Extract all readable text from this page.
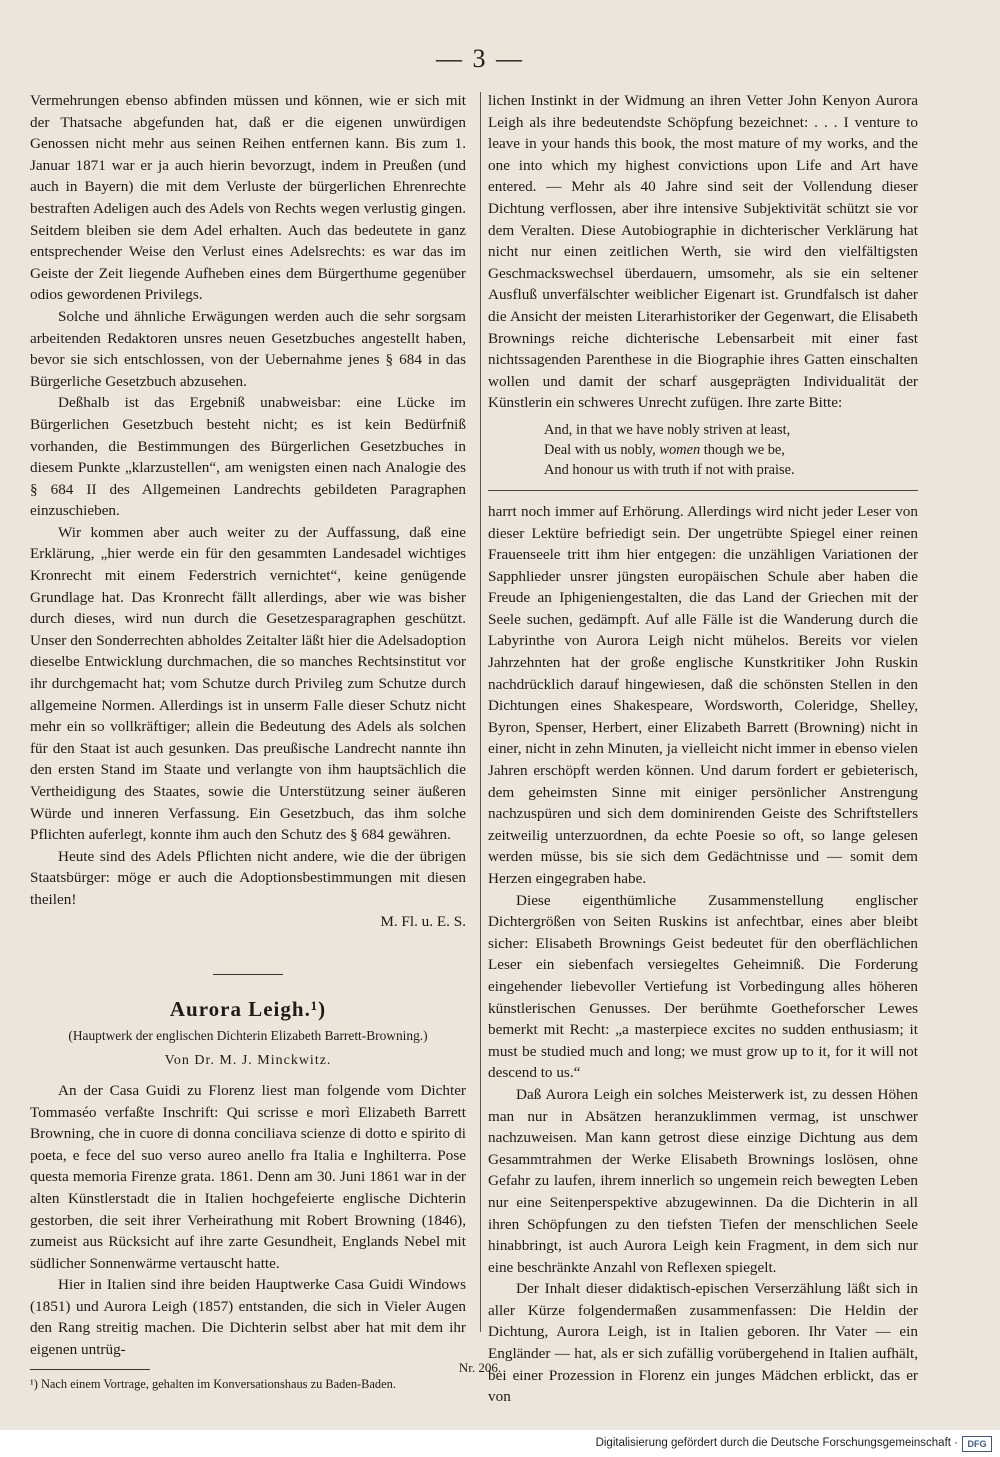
— 3 —

Vermehrungen ebenso abfinden müssen und können, wie er sich mit der Thatsache abgefunden hat, daß er die eigenen unwürdigen Genossen nicht mehr aus seinen Reihen entfernen kann. Bis zum 1. Januar 1871 war er ja auch hierin bevorzugt, indem in Preußen (und auch in Bayern) die mit dem Verluste der bürgerlichen Ehrenrechte bestraften Adeligen auch des Adels von Rechts wegen verlustig gingen. Seitdem bleiben sie dem Adel erhalten. Auch das bedeutete in ganz entsprechender Weise den Verlust eines Adelsrechts: es war das im Geiste der Zeit liegende Aufheben eines dem Bürgerthume gegenüber odios gewordenen Privilegs.

Solche und ähnliche Erwägungen werden auch die sehr sorgsam arbeitenden Redaktoren unsres neuen Gesetzbuches angestellt haben, bevor sie sich entschlossen, von der Uebernahme jenes § 684 in das Bürgerliche Gesetzbuch abzusehen.

Deßhalb ist das Ergebniß unabweisbar: eine Lücke im Bürgerlichen Gesetzbuch besteht nicht; es ist kein Bedürfniß vorhanden, die Bestimmungen des Bürgerlichen Gesetzbuches in diesem Punkte „klarzustellen“, am wenigsten einen nach Analogie des § 684 II des Allgemeinen Landrechts gebildeten Paragraphen einzuschieben.

Wir kommen aber auch weiter zu der Auffassung, daß eine Erklärung, „hier werde ein für den gesammten Landesadel wichtiges Kronrecht mit einem Federstrich vernichtet“, keine genügende Grundlage hat. Das Kronrecht fällt allerdings, aber wie was bisher durch dieses, wird nun durch die Gesetzesparagraphen geschützt. Unser den Sonderrechten abholdes Zeitalter läßt hier die Adelsadoption dieselbe Entwicklung durchmachen, die so manches Rechtsinstitut vor ihr durchgemacht hat; vom Schutze durch Privileg zum Schutze durch allgemeine Normen. Allerdings ist in unserm Falle dieser Schutz nicht mehr ein so vollkräftiger; allein die Bedeutung des Adels als solchen für den Staat ist auch gesunken. Das preußische Landrecht nannte ihn den ersten Stand im Staate und verlangte von ihm hauptsächlich die Vertheidigung des Staates, sowie die Unterstützung seiner äußeren Würde und inneren Verfassung. Ein Gesetzbuch, das ihm solche Pflichten auferlegt, konnte ihm auch den Schutz des § 684 gewähren.

Heute sind des Adels Pflichten nicht andere, wie die der übrigen Staatsbürger: möge er auch die Adoptionsbestimmungen mit diesen theilen!

M. Fl. u. E. S.

Aurora Leigh.¹)
(Hauptwerk der englischen Dichterin Elizabeth Barrett-Browning.)
Von Dr. M. J. Minckwitz.

An der Casa Guidi zu Florenz liest man folgende vom Dichter Tommaséo verfaßte Inschrift: Qui scrisse e morì Elizabeth Barrett Browning, che in cuore di donna conciliava scienze di dotto e spirito di poeta, e fece del suo verso aureo anello fra Italia e Inghilterra. Pose questa memoria Firenze grata. 1861. Denn am 30. Juni 1861 war in der alten Künstlerstadt die in Italien hochgefeierte englische Dichterin gestorben, die seit ihrer Verheirathung mit Robert Browning (1846), zumeist aus Rücksicht auf ihre zarte Gesundheit, Englands Nebel mit südlicher Sonnenwärme vertauscht hatte.

Hier in Italien sind ihre beiden Hauptwerke Casa Guidi Windows (1851) und Aurora Leigh (1857) entstanden, die sich in Vieler Augen den Rang streitig machen. Die Dichterin selbst aber hat mit dem ihr eigenen untrüg-

¹) Nach einem Vortrage, gehalten im Konversationshaus zu Baden-Baden.

lichen Instinkt in der Widmung an ihren Vetter John Kenyon Aurora Leigh als ihre bedeutendste Schöpfung bezeichnet: . . . I venture to leave in your hands this book, the most mature of my works, and the one into which my highest convictions upon Life and Art have entered. — Mehr als 40 Jahre sind seit der Vollendung dieser Dichtung verflossen, aber ihre intensive Subjektivität schützt sie vor dem Veralten. Diese Autobiographie in dichterischer Verklärung hat nicht nur einen zeitlichen Werth, sie wird den vielfältigsten Geschmackswechsel überdauern, umsomehr, als sie ein seltener Ausfluß unverfälschter weiblicher Eigenart ist. Grundfalsch ist daher die Ansicht der meisten Literarhistoriker der Gegenwart, die Elisabeth Brownings reiche dichterische Lebensarbeit mit einer fast nichtssagenden Parenthese in die Biographie ihres Gatten einschalten wollen und damit der scharf ausgeprägten Individualität der Künstlerin ein schweres Unrecht zufügen. Ihre zarte Bitte:

And, in that we have nobly striven at least,
Deal with us nobly, women though we be,
And honour us with truth if not with praise.

harrt noch immer auf Erhörung. Allerdings wird nicht jeder Leser von dieser Lektüre befriedigt sein. Der ungetrübte Spiegel einer reinen Frauenseele tritt ihm hier entgegen: die unzähligen Variationen der Sapphlieder unsrer jüngsten europäischen Schule aber haben die Freude an Iphigeniengestalten, die das Land der Griechen mit der Seele suchen, gedämpft. Auf alle Fälle ist die Wanderung durch die Labyrinthe von Aurora Leigh nicht mühelos. Bereits vor vielen Jahrzehnten hat der große englische Kunstkritiker John Ruskin nachdrücklich darauf hingewiesen, daß die schönsten Stellen in den Dichtungen eines Shakespeare, Wordsworth, Coleridge, Shelley, Byron, Spenser, Herbert, einer Elizabeth Barrett (Browning) nicht in einer, nicht in zehn Minuten, ja vielleicht nicht immer in ebenso vielen Jahren erschöpft werden können. Und darum fordert er gebieterisch, dem geheimsten Sinne mit einiger persönlicher Anstrengung nachzuspüren und sich dem dominirenden Geiste des Schriftstellers zeitweilig unterzuordnen, da echte Poesie so oft, so lange gelesen werden müsse, bis sie sich dem Gedächtnisse und — somit dem Herzen eingegraben habe.

Diese eigenthümliche Zusammenstellung englischer Dichtergrößen von Seiten Ruskins ist anfechtbar, eines aber bleibt sicher: Elisabeth Brownings Geist bedeutet für den oberflächlichen Leser ein siebenfach versiegeltes Geheimniß. Die Forderung eingehender liebevoller Vertiefung ist Vorbedingung alles höheren künstlerischen Genusses. Der berühmte Goetheforscher Lewes bemerkt mit Recht: „a masterpiece excites no sudden enthusiasm; it must be studied much and long; we must grow up to it, for it will not descend to us.“

Daß Aurora Leigh ein solches Meisterwerk ist, zu dessen Höhen man nur in Absätzen heranzuklimmen vermag, ist unschwer nachzuweisen. Man kann getrost diese einzige Dichtung aus dem Gesammtrahmen der Werke Elisabeth Brownings loslösen, ohne Gefahr zu laufen, ihrem innerlich so ungemein reich bewegten Leben nur eine Seitenperspektive abzugewinnen. Da die Dichterin in all ihren Schöpfungen zu den tiefsten Tiefen der menschlichen Seele hinabbringt, ist auch Aurora Leigh kein Fragment, in dem sich nur eine beschränkte Anzahl von Reflexen spiegelt.

Der Inhalt dieser didaktisch-epischen Verserzählung läßt sich in aller Kürze folgendermaßen zusammenfassen: Die Heldin der Dichtung, Aurora Leigh, ist in Italien geboren. Ihr Vater — ein Engländer — hat, als er sich zufällig vorübergehend in Italien aufhält, bei einer Prozession in Florenz ein junges Mädchen erblickt, das er von

Nr. 206.
Digitalisierung gefördert durch die Deutsche Forschungsgemeinschaft ·	DFG
